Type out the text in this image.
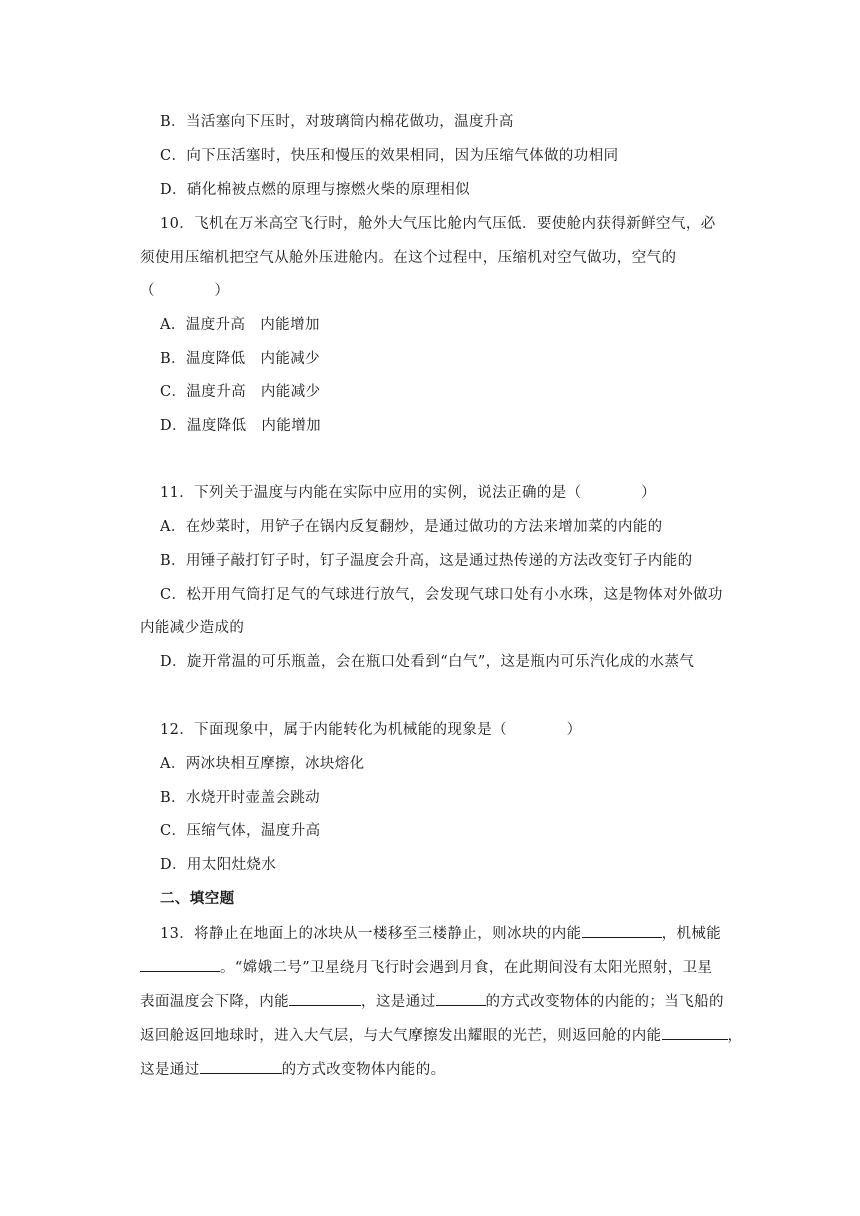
B．当活塞向下压时，对玻璃筒内棉花做功，温度升高
C．向下压活塞时，快压和慢压的效果相同，因为压缩气体做的功相同
D．硝化棉被点燃的原理与擦燃火柴的原理相似
10．飞机在万米高空飞行时，舱外大气压比舱内气压低．要使舱内获得新鲜空气，必
须使用压缩机把空气从舱外压进舱内。在这个过程中，压缩机对空气做功，空气的
（　　　　）
A．温度升高　内能增加
B．温度降低　内能减少
C．温度升高　内能减少
D．温度降低　内能增加
11．下列关于温度与内能在实际中应用的实例，说法正确的是（　　　　）
A．在炒菜时，用铲子在锅内反复翻炒，是通过做功的方法来增加菜的内能的
B．用锤子敲打钉子时，钉子温度会升高，这是通过热传递的方法改变钉子内能的
C．松开用气筒打足气的气球进行放气，会发现气球口处有小水珠，这是物体对外做功
内能减少造成的
D．旋开常温的可乐瓶盖，会在瓶口处看到“白气”，这是瓶内可乐汽化成的水蒸气
12．下面现象中，属于内能转化为机械能的现象是（　　　　）
A．两冰块相互摩擦，冰块熔化
B．水烧开时壶盖会跳动
C．压缩气体，温度升高
D．用太阳灶烧水
二、填空题
13．将静止在地面上的冰块从一楼移至三楼静止，则冰块的内能	，机械能
。“嫦娥二号”卫星绕月飞行时会遇到月食，在此期间没有太阳光照射，卫星
表面温度会下降，内能	，这是通过	的方式改变物体的内能的；当飞船的
返回舱返回地球时，进入大气层，与大气摩擦发出耀眼的光芒，则返回舱的内能	，
这是通过	的方式改变物体内能的。
